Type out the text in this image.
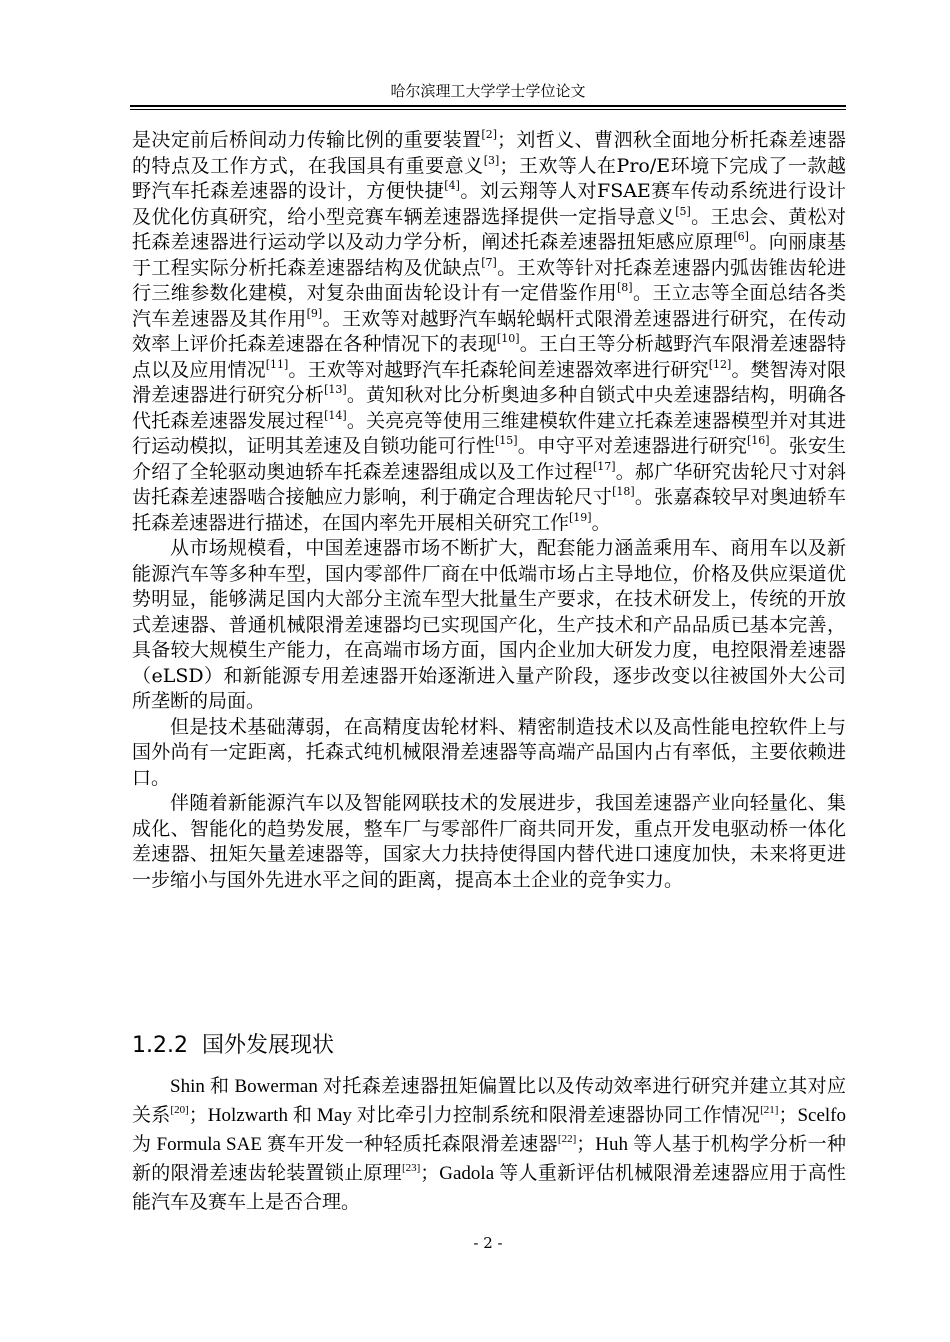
哈尔滨理工大学学士学位论文

是决定前后桥间动力传输比例的重要装置[2]；刘哲义、曹泗秋全面地分析托森差速器的特点及工作方式，在我国具有重要意义[3]；王欢等人在Pro/E环境下完成了一款越野汽车托森差速器的设计，方便快捷[4]。刘云翔等人对FSAE赛车传动系统进行设计及优化仿真研究，给小型竞赛车辆差速器选择提供一定指导意义[5]。王忠会、黄松对托森差速器进行运动学以及动力学分析，阐述托森差速器扭矩感应原理[6]。向丽康基于工程实际分析托森差速器结构及优缺点[7]。王欢等针对托森差速器内弧齿锥齿轮进行三维参数化建模，对复杂曲面齿轮设计有一定借鉴作用[8]。王立志等全面总结各类汽车差速器及其作用[9]。王欢等对越野汽车蜗轮蜗杆式限滑差速器进行研究，在传动效率上评价托森差速器在各种情况下的表现[10]。王白王等分析越野汽车限滑差速器特点以及应用情况[11]。王欢等对越野汽车托森轮间差速器效率进行研究[12]。樊智涛对限滑差速器进行研究分析[13]。黄知秋对比分析奥迪多种自锁式中央差速器结构，明确各代托森差速器发展过程[14]。关亮亮等使用三维建模软件建立托森差速器模型并对其进行运动模拟，证明其差速及自锁功能可行性[15]。申守平对差速器进行研究[16]。张安生介绍了全轮驱动奥迪轿车托森差速器组成以及工作过程[17]。郝广华研究齿轮尺寸对斜齿托森差速器啮合接触应力影响，利于确定合理齿轮尺寸[18]。张嘉森较早对奥迪轿车托森差速器进行描述，在国内率先开展相关研究工作[19]。

从市场规模看，中国差速器市场不断扩大，配套能力涵盖乘用车、商用车以及新能源汽车等多种车型，国内零部件厂商在中低端市场占主导地位，价格及供应渠道优势明显，能够满足国内大部分主流车型大批量生产要求，在技术研发上，传统的开放式差速器、普通机械限滑差速器均已实现国产化，生产技术和产品品质已基本完善，具备较大规模生产能力，在高端市场方面，国内企业加大研发力度，电控限滑差速器（eLSD）和新能源专用差速器开始逐渐进入量产阶段，逐步改变以往被国外大公司所垄断的局面。

但是技术基础薄弱，在高精度齿轮材料、精密制造技术以及高性能电控软件上与国外尚有一定距离，托森式纯机械限滑差速器等高端产品国内占有率低，主要依赖进口。

伴随着新能源汽车以及智能网联技术的发展进步，我国差速器产业向轻量化、集成化、智能化的趋势发展，整车厂与零部件厂商共同开发，重点开发电驱动桥一体化差速器、扭矩矢量差速器等，国家大力扶持使得国内替代进口速度加快，未来将更进一步缩小与国外先进水平之间的距离，提高本土企业的竞争实力。

1.2.2 国外发展现状

Shin 和 Bowerman 对托森差速器扭矩偏置比以及传动效率进行研究并建立其对应关系[20]；Holzwarth 和 May 对比牵引力控制系统和限滑差速器协同工作情况[21]；Scelfo 为 Formula SAE 赛车开发一种轻质托森限滑差速器[22]；Huh 等人基于机构学分析一种新的限滑差速齿轮装置锁止原理[23]；Gadola 等人重新评估机械限滑差速器应用于高性能汽车及赛车上是否合理。

- 2 -
